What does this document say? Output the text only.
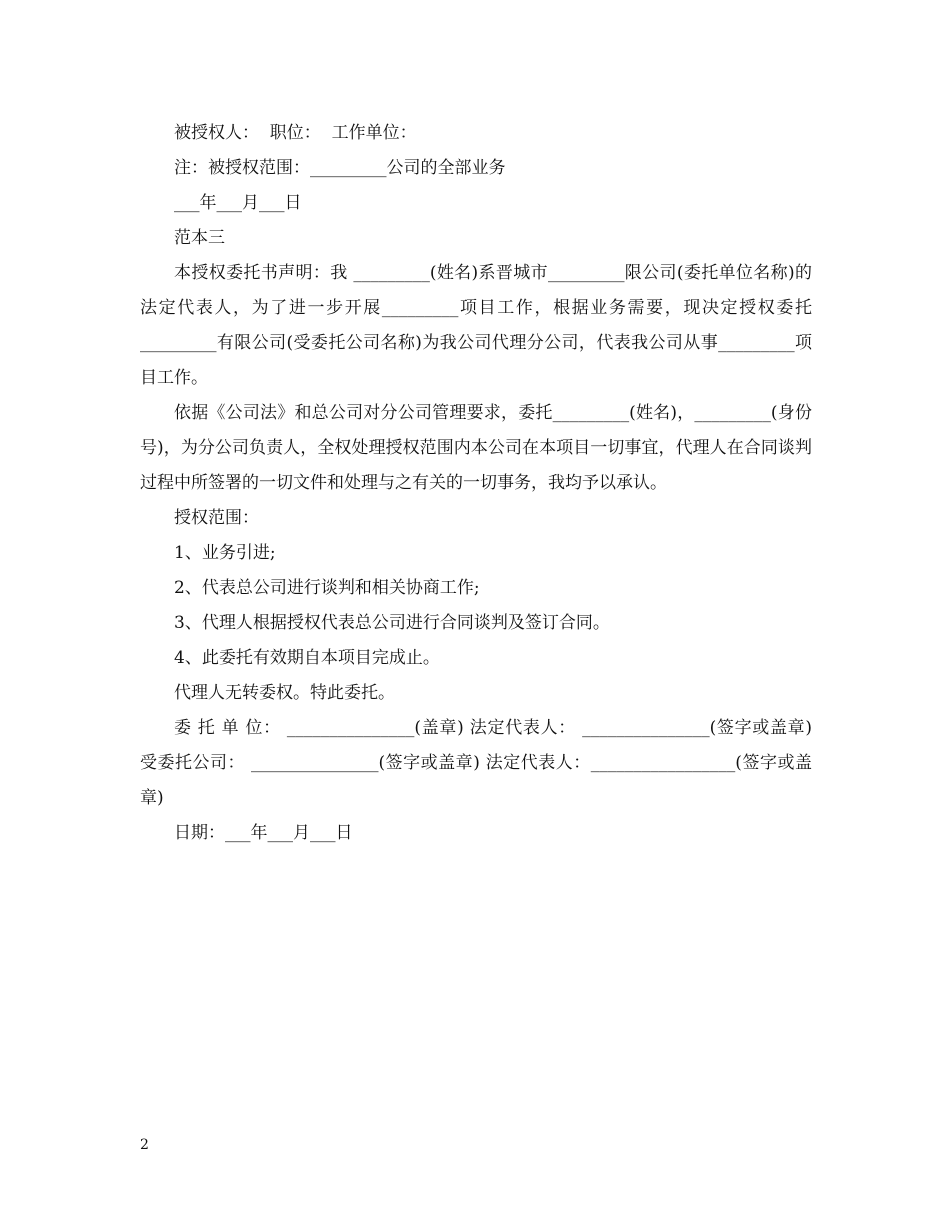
被授权人：  职位：  工作单位：

注：被授权范围：_________公司的全部业务

___年___月___日

范本三

本授权委托书声明：我 _________(姓名)系晋城市_________限公司(委托单位名称)的法定代表人，为了进一步开展_________项目工作，根据业务需要，现决定授权委托_________有限公司(受委托公司名称)为我公司代理分公司，代表我公司从事_________项目工作。

依据《公司法》和总公司对分公司管理要求，委托_________(姓名)，_________(身份号)，为分公司负责人，全权处理授权范围内本公司在本项目一切事宜，代理人在合同谈判过程中所签署的一切文件和处理与之有关的一切事务，我均予以承认。

授权范围：

1、业务引进;

2、代表总公司进行谈判和相关协商工作;

3、代理人根据授权代表总公司进行合同谈判及签订合同。

4、此委托有效期自本项目完成止。

代理人无转委权。特此委托。

委 托 单 位： _______________(盖章) 法定代表人： _______________(签字或盖章) 受委托公司： _______________(签字或盖章) 法定代表人：_________________(签字或盖章)

日期：___年___月___日

2
